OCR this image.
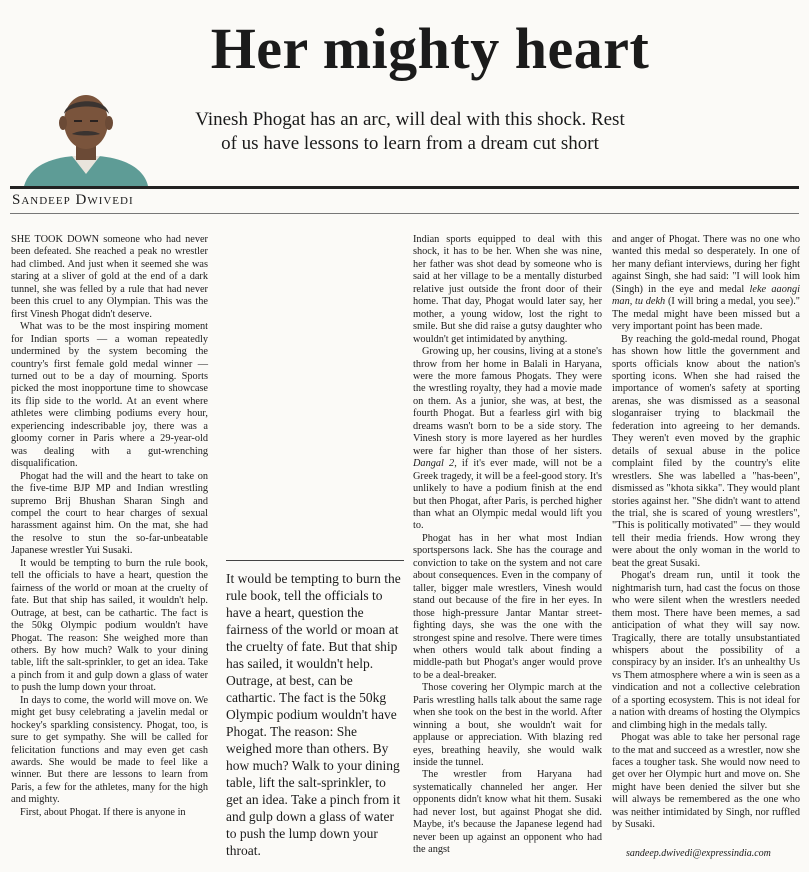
Her mighty heart

Vinesh Phogat has an arc, will deal with this shock. Rest of us have lessons to learn from a dream cut short

Sandeep Dwivedi

SHE TOOK DOWN someone who had never been defeated. She reached a peak no wrestler had climbed. And just when it seemed she was staring at a sliver of gold at the end of a dark tunnel, she was felled by a rule that had never been this cruel to any Olympian. This was the first Vinesh Phogat didn't deserve.

What was to be the most inspiring moment for Indian sports — a woman repeatedly undermined by the system becoming the country's first female gold medal winner — turned out to be a day of mourning. Sports picked the most inopportune time to showcase its flip side to the world. At an event where athletes were climbing podiums every hour, experiencing indescribable joy, there was a gloomy corner in Paris where a 29-year-old was dealing with a gut-wrenching disqualification.

Phogat had the will and the heart to take on the five-time BJP MP and Indian wrestling supremo Brij Bhushan Sharan Singh and compel the court to hear charges of sexual harassment against him. On the mat, she had the resolve to stun the so-far-unbeatable Japanese wrestler Yui Susaki.

It would be tempting to burn the rule book, tell the officials to have a heart, question the fairness of the world or moan at the cruelty of fate. But that ship has sailed, it wouldn't help. Outrage, at best, can be cathartic. The fact is the 50kg Olympic podium wouldn't have Phogat. The reason: She weighed more than others. By how much? Walk to your dining table, lift the salt-sprinkler, to get an idea. Take a pinch from it and gulp down a glass of water to push the lump down your throat.

In days to come, the world will move on. We might get busy celebrating a javelin medal or hockey's sparkling consistency. Phogat, too, is sure to get sympathy. She will be called for felicitation functions and may even get cash awards. She would be made to feel like a winner. But there are lessons to learn from Paris, a few for the athletes, many for the high and mighty.

First, about Phogat. If there is anyone in

It would be tempting to burn the rule book, tell the officials to have a heart, question the fairness of the world or moan at the cruelty of fate. But that ship has sailed, it wouldn't help. Outrage, at best, can be cathartic. The fact is the 50kg Olympic podium wouldn't have Phogat. The reason: She weighed more than others. By how much? Walk to your dining table, lift the salt-sprinkler, to get an idea. Take a pinch from it and gulp down a glass of water to push the lump down your throat.

Indian sports equipped to deal with this shock, it has to be her. When she was nine, her father was shot dead by someone who is said at her village to be a mentally disturbed relative just outside the front door of their home. That day, Phogat would later say, her mother, a young widow, lost the right to smile. But she did raise a gutsy daughter who wouldn't get intimidated by anything.

Growing up, her cousins, living at a stone's throw from her home in Balali in Haryana, were the more famous Phogats. They were the wrestling royalty, they had a movie made on them. As a junior, she was, at best, the fourth Phogat. But a fearless girl with big dreams wasn't born to be a side story. The Vinesh story is more layered as her hurdles were far higher than those of her sisters. Dangal 2, if it's ever made, will not be a Greek tragedy, it will be a feel-good story. It's unlikely to have a podium finish at the end but then Phogat, after Paris, is perched higher than what an Olympic medal would lift you to.

Phogat has in her what most Indian sportspersons lack. She has the courage and conviction to take on the system and not care about consequences. Even in the company of taller, bigger male wrestlers, Vinesh would stand out because of the fire in her eyes. In those high-pressure Jantar Mantar street-fighting days, she was the one with the strongest spine and resolve. There were times when others would talk about finding a middle-path but Phogat's anger would prove to be a deal-breaker.

Those covering her Olympic march at the Paris wrestling halls talk about the same rage when she took on the best in the world. After winning a bout, she wouldn't wait for applause or appreciation. With blazing red eyes, breathing heavily, she would walk inside the tunnel.

The wrestler from Haryana had systematically channeled her anger. Her opponents didn't know what hit them. Susaki had never lost, but against Phogat she did. Maybe, it's because the Japanese legend had never been up against an opponent who had the angst

and anger of Phogat. There was no one who wanted this medal so desperately. In one of her many defiant interviews, during her fight against Singh, she had said: "I will look him (Singh) in the eye and medal leke aaongi man, tu dekh (I will bring a medal, you see)." The medal might have been missed but a very important point has been made.

By reaching the gold-medal round, Phogat has shown how little the government and sports officials know about the nation's sporting icons. When she had raised the importance of women's safety at sporting arenas, she was dismissed as a seasonal sloganraiser trying to blackmail the federation into agreeing to her demands. They weren't even moved by the graphic details of sexual abuse in the police complaint filed by the country's elite wrestlers. She was labelled a "has-been", dismissed as "khota sikka". They would plant stories against her. "She didn't want to attend the trial, she is scared of young wrestlers", "This is politically motivated" — they would tell their media friends. How wrong they were about the only woman in the world to beat the great Susaki.

Phogat's dream run, until it took the nightmarish turn, had cast the focus on those who were silent when the wrestlers needed them most. There have been memes, a sad anticipation of what they will say now. Tragically, there are totally unsubstantiated whispers about the possibility of a conspiracy by an insider. It's an unhealthy Us vs Them atmosphere where a win is seen as a vindication and not a collective celebration of a sporting ecosystem. This is not ideal for a nation with dreams of hosting the Olympics and climbing high in the medals tally.

Phogat was able to take her personal rage to the mat and succeed as a wrestler, now she faces a tougher task. She would now need to get over her Olympic hurt and move on. She might have been denied the silver but she will always be remembered as the one who was neither intimidated by Singh, nor ruffled by Susaki.

sandeep.dwivedi@expressindia.com
